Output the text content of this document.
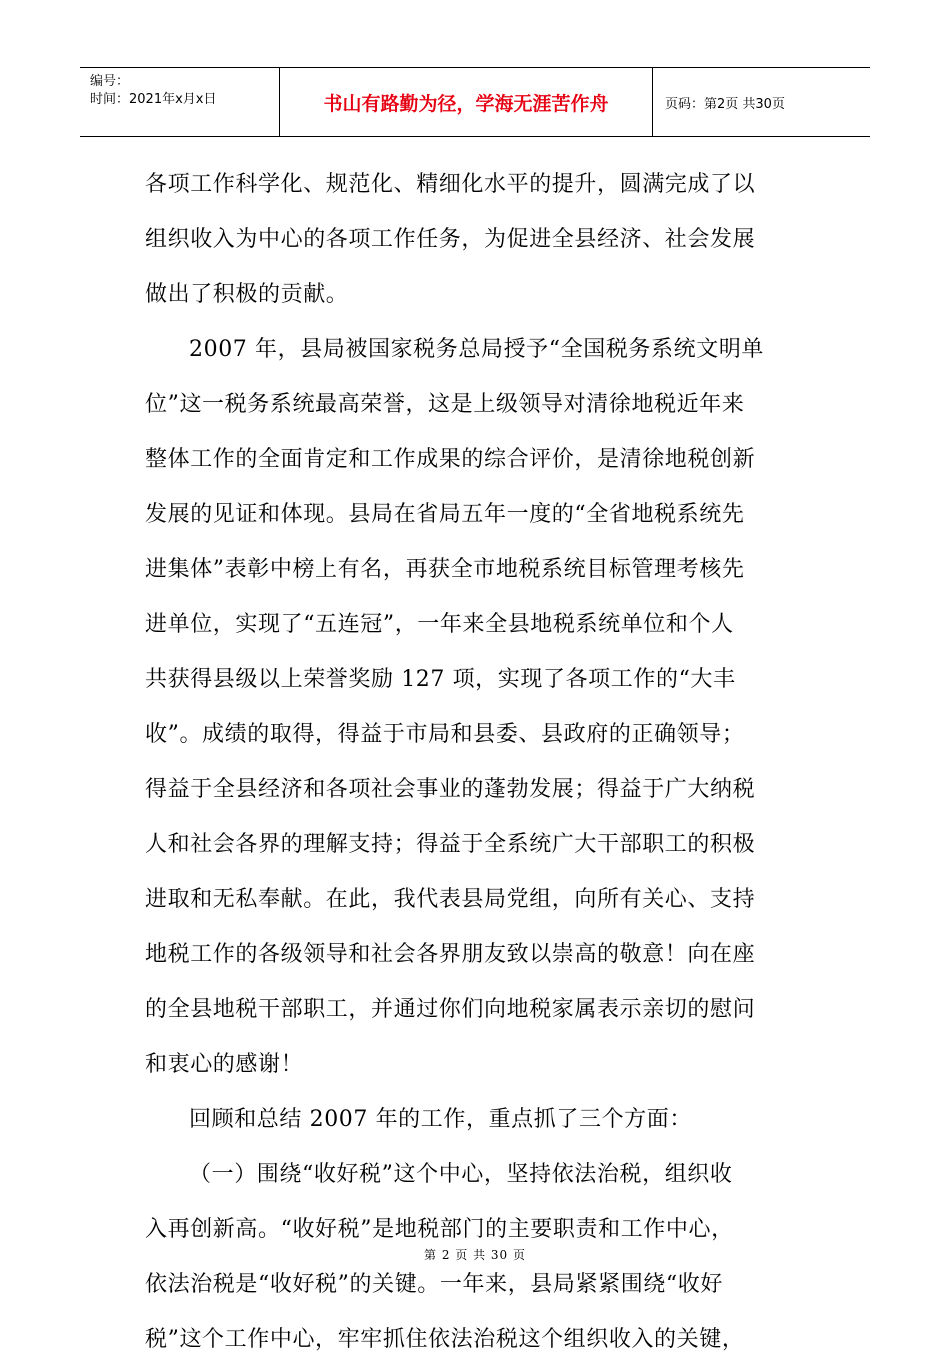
编号：
时间：2021年x月x日	书山有路勤为径，学海无涯苦作舟	页码：第2页 共30页
各项工作科学化、规范化、精细化水平的提升，圆满完成了以
组织收入为中心的各项工作任务，为促进全县经济、社会发展
做出了积极的贡献。
2007 年，县局被国家税务总局授予“全国税务系统文明单
位”这一税务系统最高荣誉，这是上级领导对清徐地税近年来
整体工作的全面肯定和工作成果的综合评价，是清徐地税创新
发展的见证和体现。县局在省局五年一度的“全省地税系统先
进集体”表彰中榜上有名，再获全市地税系统目标管理考核先
进单位，实现了“五连冠”，一年来全县地税系统单位和个人
共获得县级以上荣誉奖励 127 项，实现了各项工作的“大丰
收”。成绩的取得，得益于市局和县委、县政府的正确领导；
得益于全县经济和各项社会事业的蓬勃发展；得益于广大纳税
人和社会各界的理解支持；得益于全系统广大干部职工的积极
进取和无私奉献。在此，我代表县局党组，向所有关心、支持
地税工作的各级领导和社会各界朋友致以崇高的敬意！向在座
的全县地税干部职工，并通过你们向地税家属表示亲切的慰问
和衷心的感谢！
回顾和总结 2007 年的工作，重点抓了三个方面：
（一）围绕“收好税”这个中心，坚持依法治税，组织收
入再创新高。“收好税”是地税部门的主要职责和工作中心，
依法治税是“收好税”的关键。一年来，县局紧紧围绕“收好
税”这个工作中心，牢牢抓住依法治税这个组织收入的关键，
第 2 页 共 30 页
